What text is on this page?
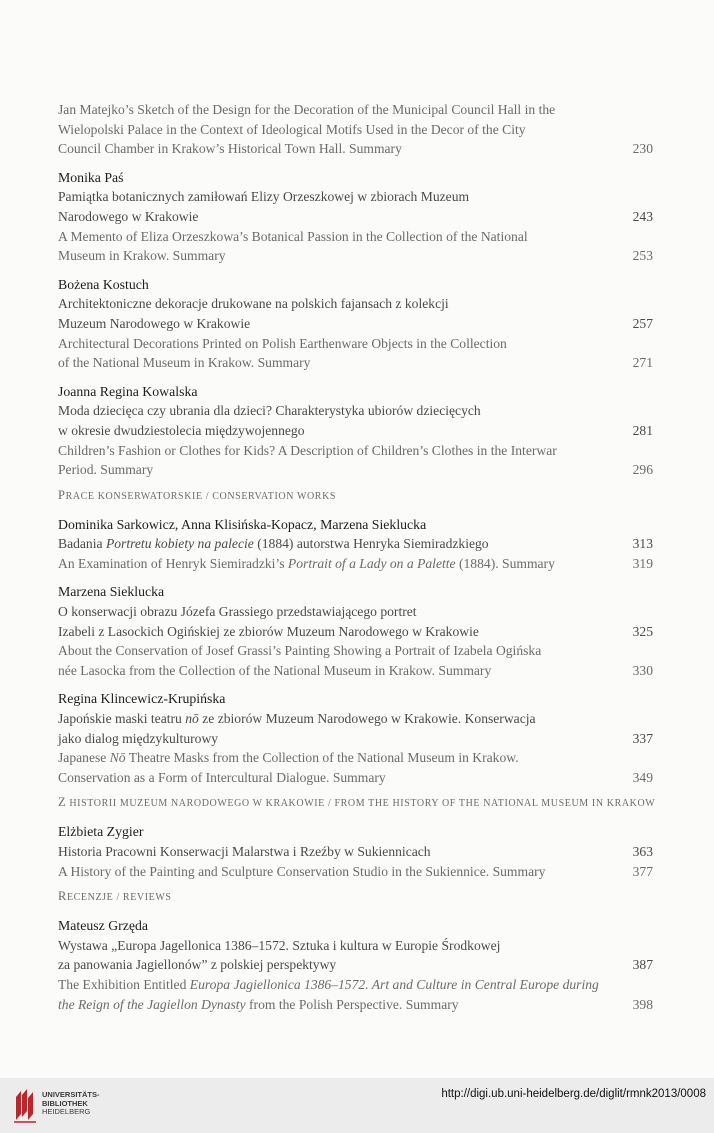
Jan Matejko’s Sketch of the Design for the Decoration of the Municipal Council Hall in the
Wielopolski Palace in the Context of Ideological Motifs Used in the Decor of the City
Council Chamber in Krakow’s Historical Town Hall. Summary	230
Monika Paś
Pamiątka botanicznych zamiłowań Elizy Orzeszkowej w zbiorach Muzeum
Narodowego w Krakowie	243
A Memento of Eliza Orzeszkowa’s Botanical Passion in the Collection of the National
Museum in Krakow. Summary	253
Bożena Kostuch
Architektoniczne dekoracje drukowane na polskich fajansach z kolekcji
Muzeum Narodowego w Krakowie	257
Architectural Decorations Printed on Polish Earthenware Objects in the Collection
of the National Museum in Krakow. Summary	271
Joanna Regina Kowalska
Moda dziecięca czy ubrania dla dzieci? Charakterystyka ubiorów dziecięcych
w okresie dwudziestolecia międzywojennego	281
Children’s Fashion or Clothes for Kids? A Description of Children’s Clothes in the Interwar
Period. Summary	296
PRACE KONSERWATORSKIE / CONSERVATION WORKS
Dominika Sarkowicz, Anna Klisińska-Kopacz, Marzena Sieklucka
Badania Portretu kobiety na palecie (1884) autorstwa Henryka Siemiradzkiego	313
An Examination of Henryk Siemiradzki’s Portrait of a Lady on a Palette (1884). Summary	319
Marzena Sieklucka
O konserwacji obrazu Józefa Grassiego przedstawiającego portret
Izabeli z Lasockich Ogińskiej ze zbiorów Muzeum Narodowego w Krakowie	325
About the Conservation of Josef Grassi’s Painting Showing a Portrait of Izabela Ogińska
née Lasocka from the Collection of the National Museum in Krakow. Summary	330
Regina Klincewicz-Krupińska
Japońskie maski teatru nō ze zbiorów Muzeum Narodowego w Krakowie. Konserwacja
jako dialog międzykulturowy	337
Japanese Nō Theatre Masks from the Collection of the National Museum in Krakow.
Conservation as a Form of Intercultural Dialogue. Summary	349
Z HISTORII MUZEUM NARODOWEGO W KRAKOWIE / FROM THE HISTORY OF THE NATIONAL MUSEUM IN KRAKOW
Elżbieta Zygier
Historia Pracowni Konserwacji Malarstwa i Rzeźby w Sukiennicach	363
A History of the Painting and Sculpture Conservation Studio in the Sukiennice. Summary	377
RECENZJE / REVIEWS
Mateusz Grzęda
Wystawa „Europa Jagellonica 1386–1572. Sztuka i kultura w Europie Środkowej
za panowania Jagiellonów” z polskiej perspektywy	387
The Exhibition Entitled Europa Jagiellonica 1386–1572. Art and Culture in Central Europe during
the Reign of the Jagiellon Dynasty from the Polish Perspective. Summary	398
UNIVERSITÄTS-
BIBLIOTHEK
HEIDELBERG
http://digi.ub.uni-heidelberg.de/diglit/rmnk2013/0008
